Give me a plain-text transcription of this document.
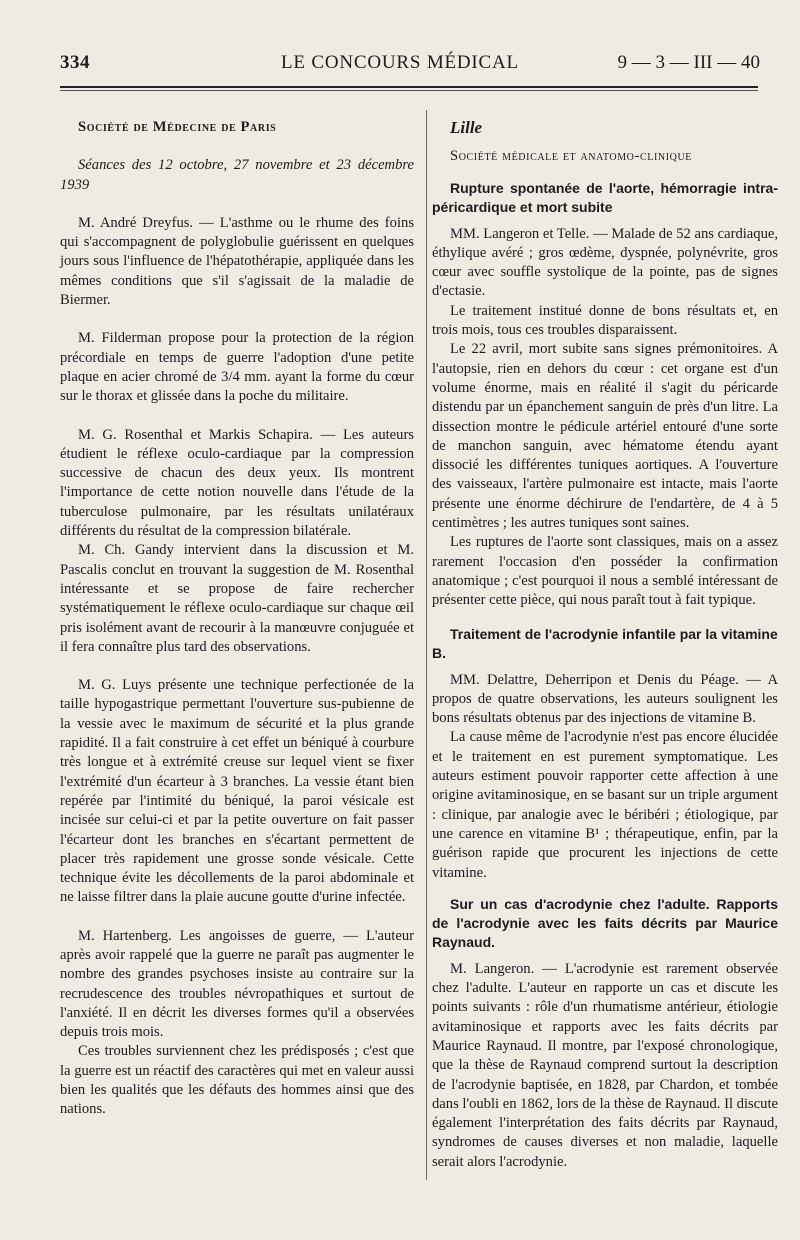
334	LE CONCOURS MÉDICAL	9 — 3 — III — 40

Société de Médecine de Paris

Séances des 12 octobre, 27 novembre et 23 décembre 1939

M. André Dreyfus. — L'asthme ou le rhume des foins qui s'accompagnent de polyglobulie guérissent en quelques jours sous l'influence de l'hépatothérapie, appliquée dans les mêmes conditions que s'il s'agissait de la maladie de Biermer.

M. Filderman propose pour la protection de la région précordiale en temps de guerre l'adoption d'une petite plaque en acier chromé de 3/4 mm. ayant la forme du cœur sur le thorax et glissée dans la poche du militaire.

M. G. Rosenthal et Markis Schapira. — Les auteurs étudient le réflexe oculo-cardiaque par la compression successive de chacun des deux yeux. Ils montrent l'importance de cette notion nouvelle dans l'étude de la tuberculose pulmonaire, par les résultats unilatéraux différents du résultat de la compression bilatérale.

M. Ch. Gandy intervient dans la discussion et M. Pascalis conclut en trouvant la suggestion de M. Rosenthal intéressante et se propose de faire rechercher systématiquement le réflexe oculo-cardiaque sur chaque œil pris isolément avant de recourir à la manœuvre conjuguée et il fera connaître plus tard des observations.

M. G. Luys présente une technique perfectionée de la taille hypogastrique permettant l'ouverture sus-pubienne de la vessie avec le maximum de sécurité et la plus grande rapidité. Il a fait construire à cet effet un béniqué à courbure très longue et à extrémité creuse sur lequel vient se fixer l'extrémité d'un écarteur à 3 branches. La vessie étant bien repérée par l'intimité du béniqué, la paroi vésicale est incisée sur celui-ci et par la petite ouverture on fait passer l'écarteur dont les branches en s'écartant permettent de placer très rapidement une grosse sonde vésicale. Cette technique évite les décollements de la paroi abdominale et ne laisse filtrer dans la plaie aucune goutte d'urine infectée.

M. Hartenberg. Les angoisses de guerre, — L'auteur après avoir rappelé que la guerre ne paraît pas augmenter le nombre des grandes psychoses insiste au contraire sur la recrudescence des troubles névropathiques et surtout de l'anxiété. Il en décrit les diverses formes qu'il a observées depuis trois mois.

Ces troubles surviennent chez les prédisposés ; c'est que la guerre est un réactif des caractères qui met en valeur aussi bien les qualités que les défauts des hommes ainsi que des nations.

Lille

Société médicale et anatomo-clinique

Rupture spontanée de l'aorte, hémorragie intra-péricardique et mort subite

MM. Langeron et Telle. — Malade de 52 ans cardiaque, éthylique avéré ; gros œdème, dyspnée, polynévrite, gros cœur avec souffle systolique de la pointe, pas de signes d'ectasie.

Le traitement institué donne de bons résultats et, en trois mois, tous ces troubles disparaissent.

Le 22 avril, mort subite sans signes prémonitoires. A l'autopsie, rien en dehors du cœur : cet organe est d'un volume énorme, mais en réalité il s'agit du péricarde distendu par un épanchement sanguin de près d'un litre. La dissection montre le pédicule artériel entouré d'une sorte de manchon sanguin, avec hématome étendu ayant dissocié les différentes tuniques aortiques. A l'ouverture des vaisseaux, l'artère pulmonaire est intacte, mais l'aorte présente une énorme déchirure de l'endartère, de 4 à 5 centimètres ; les autres tuniques sont saines.

Les ruptures de l'aorte sont classiques, mais on a assez rarement l'occasion d'en posséder la confirmation anatomique ; c'est pourquoi il nous a semblé intéressant de présenter cette pièce, qui nous paraît tout à fait typique.

Traitement de l'acrodynie infantile par la vitamine B.

MM. Delattre, Deherripon et Denis du Péage. — A propos de quatre observations, les auteurs soulignent les bons résultats obtenus par des injections de vitamine B.

La cause même de l'acrodynie n'est pas encore élucidée et le traitement en est purement symptomatique. Les auteurs estiment pouvoir rapporter cette affection à une origine avitaminosique, en se basant sur un triple argument : clinique, par analogie avec le béribéri ; étiologique, par une carence en vitamine B¹ ; thérapeutique, enfin, par la guérison rapide que procurent les injections de cette vitamine.

Sur un cas d'acrodynie chez l'adulte. Rapports de l'acrodynie avec les faits décrits par Maurice Raynaud.

M. Langeron. — L'acrodynie est rarement observée chez l'adulte. L'auteur en rapporte un cas et discute les points suivants : rôle d'un rhumatisme antérieur, étiologie avitaminosique et rapports avec les faits décrits par Maurice Raynaud. Il montre, par l'exposé chronologique, que la thèse de Raynaud comprend surtout la description de l'acrodynie baptisée, en 1828, par Chardon, et tombée dans l'oubli en 1862, lors de la thèse de Raynaud. Il discute également l'interprétation des faits décrits par Raynaud, syndromes de causes diverses et non maladie, laquelle serait alors l'acrodynie.
